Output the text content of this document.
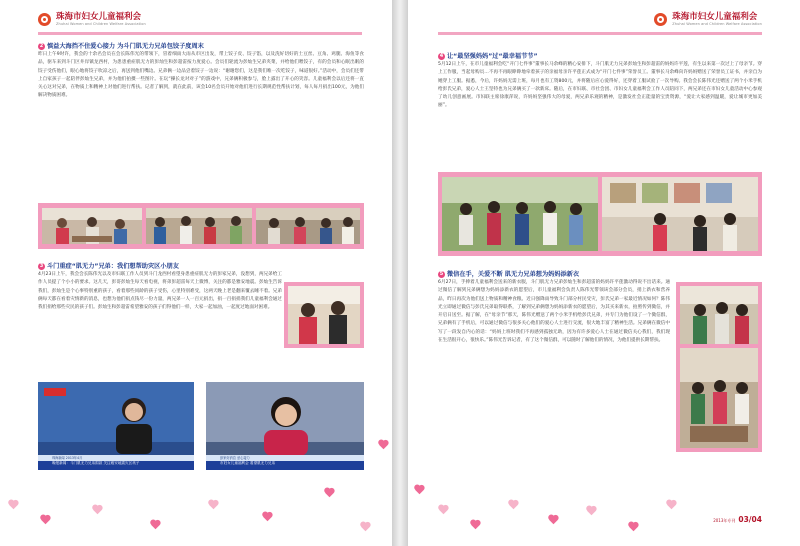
珠海市妇女儿童福利会
Zhuhai Women and Children Welfare Association
2 慎益大海挡不住爱心接力 为斗门肌无力兄弟包饺子度周末
昨日上午9时许，我会的十余名会员在会长陈伟光的带领下，冒着细雨大雨从市区出发，带上饺子皮、饺子馅，以及洗好切好的土豆丝、豆角、鸡腿、海鱼等食品，驱车来到斗门区井岸镇龙西村，为患患重症肌无力的彭灿生和彭超雷按力度爱心。会员们轮流为彭灿生兄弟夹菜，并给他们喂饺子，有的会员和心眠出眠的饺子受伤他们，眼心地将饺子吹凉之后，再送到他们嘴边。兄弟俩一边品尝着饺子一边说：“谢谢您们，这是我们唯一次吃饺子，味道很好。”活动中，会员们还带上自家孩子一起陪伴彭灿生兄弟，并为他们拍摄一些图片。在玩“操长龙对对子”的游戏中，兄弟俩积极参与，脸上露出了开心的笑容。儿童福利会以后还将一直关心这对兄弟，在物质上和精神上对他们进行帮扶。记者了解到，就在此前，该会10名会员开始对他们进行长期规范性帮扶计划，每人每月捐出100元，为他们解决物质困难。
3 斗门重症“肌无力”兄弟：我们想帮助灾区小朋友
4月23日上午，我会会长陈伟光以及市妇联工作人员到斗门龙西村看望身患重症肌无力的彭家兄弟，没想到，两兄弟给工作人员提了个小小的要求。这几天，彭哥彭灿生每天看电视，将弟彭超雷每天上微博，关注的都是雅安地震。彭灿生告诉我们，彭灿生是个心事特别重的孩子，看着那些同龄的孩子受伤，心里特别难受，这两天晚上老是翻来覆去睡不着。兄弟俩每天都在看着灾情新的消息，也想为他们捐点钱尽一份力量，两兄弟一人一百元捐出，捐一百捐捐我们儿童福利会通过我们捐给那些灾民的孩子们。彭灿生和彭超雷希望雅安的孩子们得他们一样，大家一起加油，一起度过地面对困难。
珠海新闻 2013年4月
晚报新闻：斗门肌无力兄弟捐款 关注雅安地震灾区孩子
彭家好消息 爱心接力
市妇女儿童福利会 看望肌无力兄弟
珠海市妇女儿童福利会
Zhuhai Women and Children Welfare Association
4 让“最坚强妈妈”过“最幸福节节”
5月12日上午，在市儿童福利会吃“开门七件事”董事长马余峰的精心安排下，斗门肌无力兄弟彭灿生和彭超雷的妈妈许平莲，有生以来第一次过上了母亲节。穿上工作服，当起母购员…不再不再眼睁睁地牵着孩子的亲福母亲许平莲正式成为“开门七件事”荣誉员工。董事长马余峰向许妈妈赠送了荣誉员工证书，并亲自为她穿上工服。据悉，今后，许妈妈无需上班，每月也有工资800元，并将随后应心爱得好，还穿着工服试验了一次导购。我会会长陈伟光还赠送了两个小米手机给彭氏兄弟，爱心人士王坚特也为兄弟俩买了一款新床。随后，在市妇联、市社会团、市妇女儿童福利会工作人员陪同下，两兄弟还在市妇女儿童活动中心参观了幼儿创意画展。市妇联主席徐康萍说，许妈妈坚强伟大的母爱，两兄弟乐观的精神，是激发社会正能量的宝贵资源，“爱让大家感到温暖，爱让城市更加美丽”。
5 微信在手，关爱不断 肌无力兄弟想为妈妈添新衣
6月27日，手捧着儿童福利会送来的新衣服，斗门肌无力兄弟彭灿生和彭超雷的妈妈许平莲激动得说不出话来。通过微信了解到兄弟俩想为妈妈添新衣的愿望后，市儿童福利会负责人陈伟光带领该会部分会员，捎上新衣和营养品，昨日再次为他们送上物质和精神食粮。近日强降雨导致斗门部分村民受灾，彭氏兄弟一家最近情况如何？陈伟光立即通过微信与彭氏兄弟取得联系，了解到兄弟俩想为妈妈添新衣的愿望后，为其买来新衣，拍照传到微信，并开启日送至。据了解，在“母亲节”那天，陈伟光赠送了两个小米手机给彭氏兄弟，并专门为他们设了一个微信群，兄弟俩有了手机后，可以通过微信与很多关心他们的爱心人士进行交流，很大地丰富了精神生活。兄弟俩在微信中写了一段发自内心的话：“妈妈上班时我们不再感到孤独无助，因为有许多爱心人士在通过微信关心我们，我们现在生活很开心，很快乐。”陈伟光告诉记者，有了这个微信群，可以随时了解他们的情况，为他们提供长期帮扶。
2013年专刊 03/04
